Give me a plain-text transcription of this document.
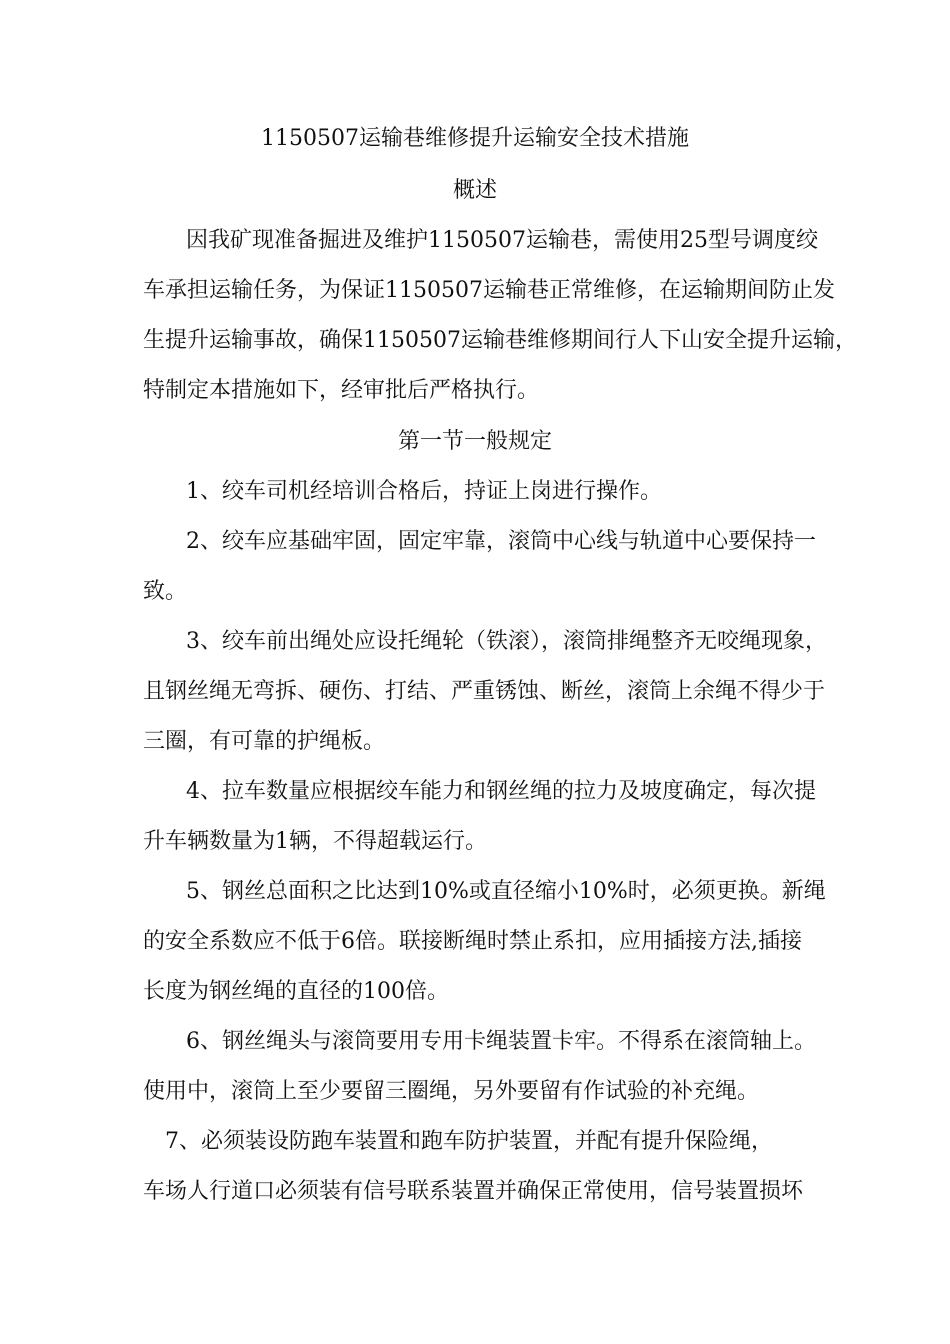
1150507运输巷维修提升运输安全技术措施
概述
因我矿现准备掘进及维护1150507运输巷，需使用25型号调度绞
车承担运输任务，为保证1150507运输巷正常维修，在运输期间防止发
生提升运输事故，确保1150507运输巷维修期间行人下山安全提升运输，
特制定本措施如下，经审批后严格执行。
第一节一般规定
1、绞车司机经培训合格后，持证上岗进行操作。
2、绞车应基础牢固，固定牢靠，滚筒中心线与轨道中心要保持一
致。
3、绞车前出绳处应设托绳轮（铁滚），滚筒排绳整齐无咬绳现象，
且钢丝绳无弯拆、硬伤、打结、严重锈蚀、断丝，滚筒上余绳不得少于
三圈，有可靠的护绳板。
4、拉车数量应根据绞车能力和钢丝绳的拉力及坡度确定，每次提
升车辆数量为1辆，不得超载运行。
5、钢丝总面积之比达到10%或直径缩小10%时，必须更换。新绳
的安全系数应不低于6倍。联接断绳时禁止系扣，应用插接方法,插接
长度为钢丝绳的直径的100倍。
6、钢丝绳头与滚筒要用专用卡绳装置卡牢。不得系在滚筒轴上。
使用中，滚筒上至少要留三圈绳，另外要留有作试验的补充绳。
7、必须装设防跑车装置和跑车防护装置，并配有提升保险绳，
车场人行道口必须装有信号联系装置并确保正常使用，信号装置损坏
